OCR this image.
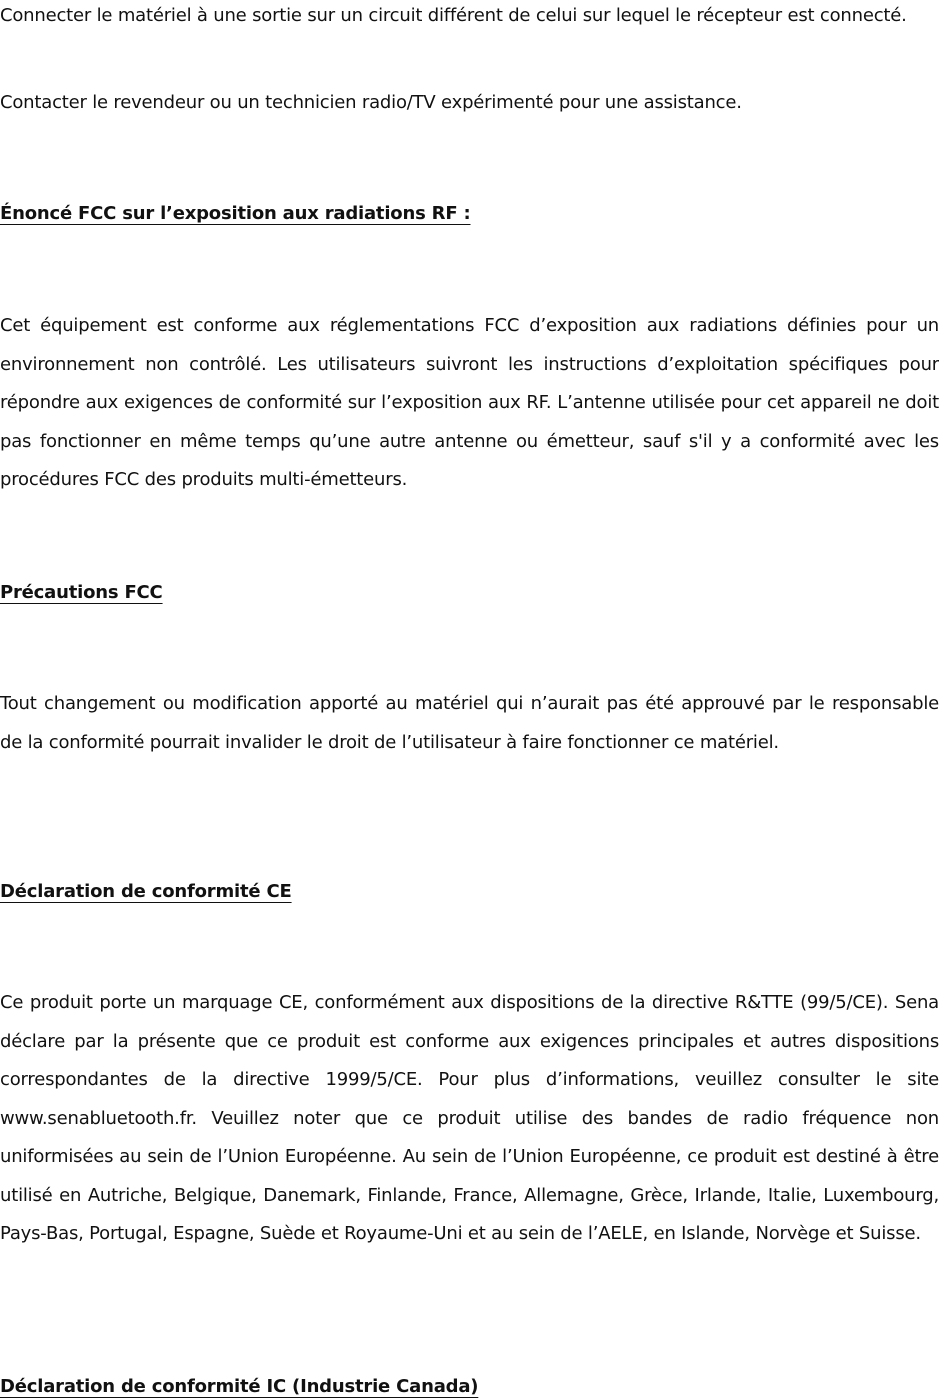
Connecter le matériel à une sortie sur un circuit différent de celui sur lequel le récepteur est connecté.

Contacter le revendeur ou un technicien radio/TV expérimenté pour une assistance.

Énoncé FCC sur l’exposition aux radiations RF :

Cet équipement est conforme aux réglementations FCC d’exposition aux radiations définies pour un environnement non contrôlé. Les utilisateurs suivront les instructions d’exploitation spécifiques pour répondre aux exigences de conformité sur l’exposition aux RF. L’antenne utilisée pour cet appareil ne doit pas fonctionner en même temps qu’une autre antenne ou émetteur, sauf s'il y a conformité avec les procédures FCC des produits multi-émetteurs.

Précautions FCC

Tout changement ou modification apporté au matériel qui n’aurait pas été approuvé par le responsable de la conformité pourrait invalider le droit de l’utilisateur à faire fonctionner ce matériel.

Déclaration de conformité CE

Ce produit porte un marquage CE, conformément aux dispositions de la directive R&TTE (99/5/CE). Sena déclare par la présente que ce produit est conforme aux exigences principales et autres dispositions correspondantes de la directive 1999/5/CE. Pour plus d’informations, veuillez consulter le site www.senabluetooth.fr. Veuillez noter que ce produit utilise des bandes de radio fréquence non uniformisées au sein de l’Union Européenne. Au sein de l’Union Européenne, ce produit est destiné à être utilisé en Autriche, Belgique, Danemark, Finlande, France, Allemagne, Grèce, Irlande, Italie, Luxembourg, Pays-Bas, Portugal, Espagne, Suède et Royaume-Uni et au sein de l’AELE, en Islande, Norvège et Suisse.

Déclaration de conformité IC (Industrie Canada)
